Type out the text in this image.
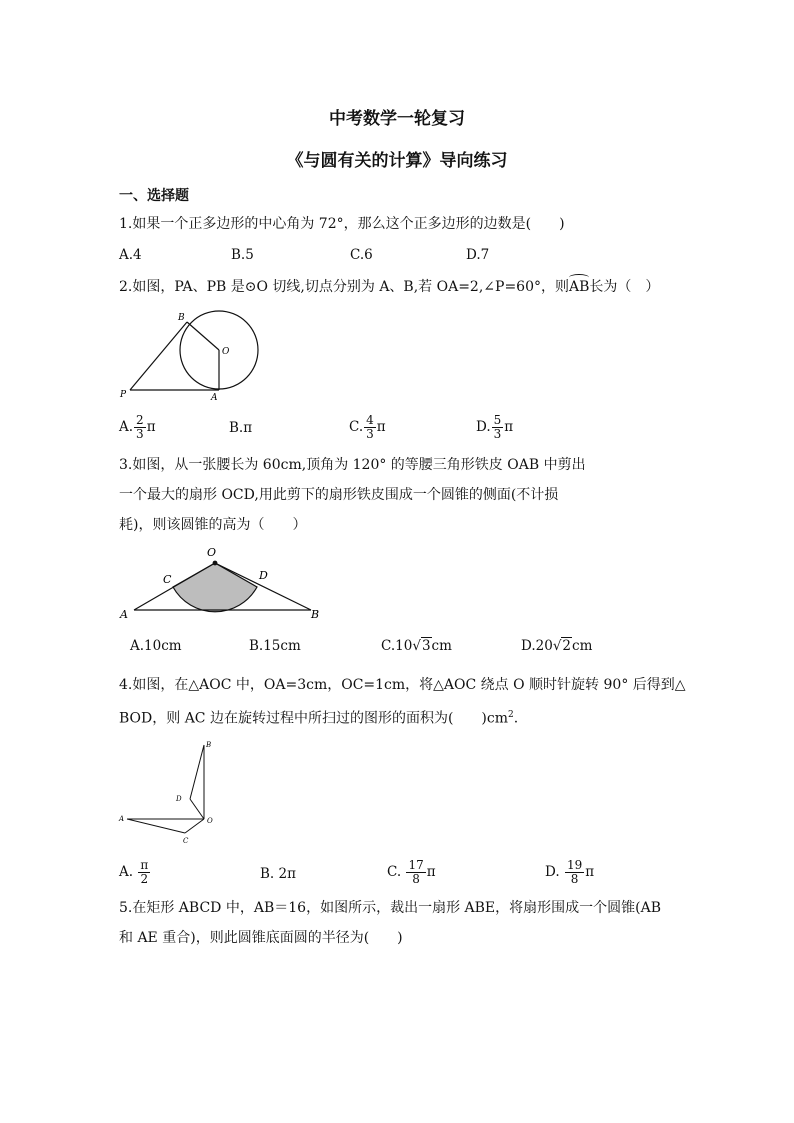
中考数学一轮复习
《与圆有关的计算》导向练习
一、选择题
1.如果一个正多边形的中心角为 72°，那么这个正多边形的边数是(　　)
A.4	B.5	C.6	D.7
2.如图，PA、PB 是⊙O 切线,切点分别为 A、B,若 OA=2,∠P=60°，则AB长为（　）
B
O
P	A
A. $\frac{2}{3}$ π	B.π	C. $\frac{4}{3}$ π	D. $\frac{5}{3}$ π
3.如图，从一张腰长为 60cm,顶角为 120° 的等腰三角形铁皮 OAB 中剪出
一个最大的扇形 OCD,用此剪下的扇形铁皮围成一个圆锥的侧面(不计损
耗)，则该圆锥的高为（　　）
O
C	D
A	B
A.10cm	B.15cm	C.10√3cm	D.20√2cm
4.如图，在△AOC 中，OA=3cm，OC=1cm，将△AOC 绕点 O 顺时针旋转 90° 后得到△
BOD，则 AC 边在旋转过程中所扫过的图形的面积为(　　)$cm^2$.
B
D
A	O
C
A. $\frac{\pi}{2}$	B. 2π	C. $\frac{17}{8}$ π	D. $\frac{19}{8}$ π
5.在矩形 ABCD 中，AB＝16，如图所示，裁出一扇形 ABE，将扇形围成一个圆锥(AB
和 AE 重合)，则此圆锥底面圆的半径为(　　)
